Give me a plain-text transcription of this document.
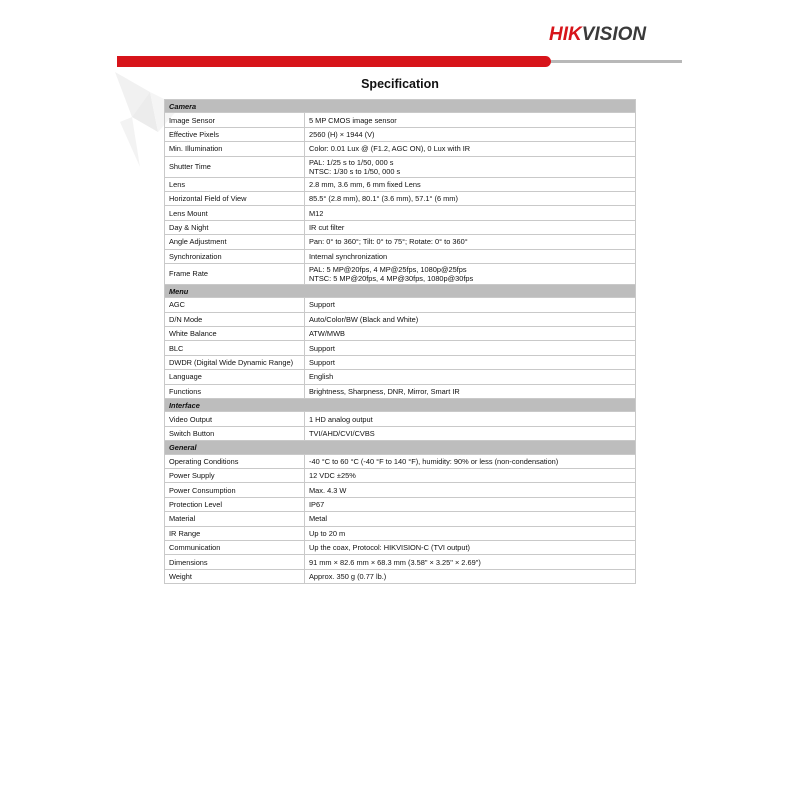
HIKVISION
Specification
Camera	
Image Sensor	5 MP CMOS image sensor

Effective Pixels	2560 (H) × 1944 (V)

Min. Illumination	Color: 0.01 Lux @ (F1.2, AGC ON), 0 Lux with IR

Shutter Time	PAL: 1/25 s to 1/50, 000 s
NTSC: 1/30 s to 1/50, 000 s

Lens	2.8 mm, 3.6 mm, 6 mm fixed Lens

Horizontal Field of View	85.5° (2.8 mm), 80.1° (3.6 mm), 57.1° (6 mm)

Lens Mount	M12

Day & Night	IR cut filter

Angle Adjustment	Pan: 0° to 360°; Tilt: 0° to 75°; Rotate: 0° to 360°

Synchronization	Internal synchronization

Frame Rate	PAL: 5 MP@20fps, 4 MP@25fps, 1080p@25fps
NTSC: 5 MP@20fps, 4 MP@30fps, 1080p@30fps

Menu	
AGC	Support

D/N Mode	Auto/Color/BW (Black and White)

White Balance	ATW/MWB

BLC	Support

DWDR (Digital Wide Dynamic Range)	Support

Language	English

Functions	Brightness, Sharpness, DNR, Mirror, Smart IR

Interface	
Video Output	1 HD analog output

Switch Button	TVI/AHD/CVI/CVBS

General	
Operating Conditions	-40 °C to 60 °C (-40 °F to 140 °F), humidity: 90% or less (non-condensation)

Power Supply	12 VDC ±25%

Power Consumption	Max. 4.3 W

Protection Level	IP67

Material	Metal

IR Range	Up to 20 m

Communication	Up the coax, Protocol: HIKVISION-C (TVI output)

Dimensions	91 mm × 82.6 mm × 68.3 mm (3.58" × 3.25" × 2.69")

Weight	Approx. 350 g (0.77 lb.)
